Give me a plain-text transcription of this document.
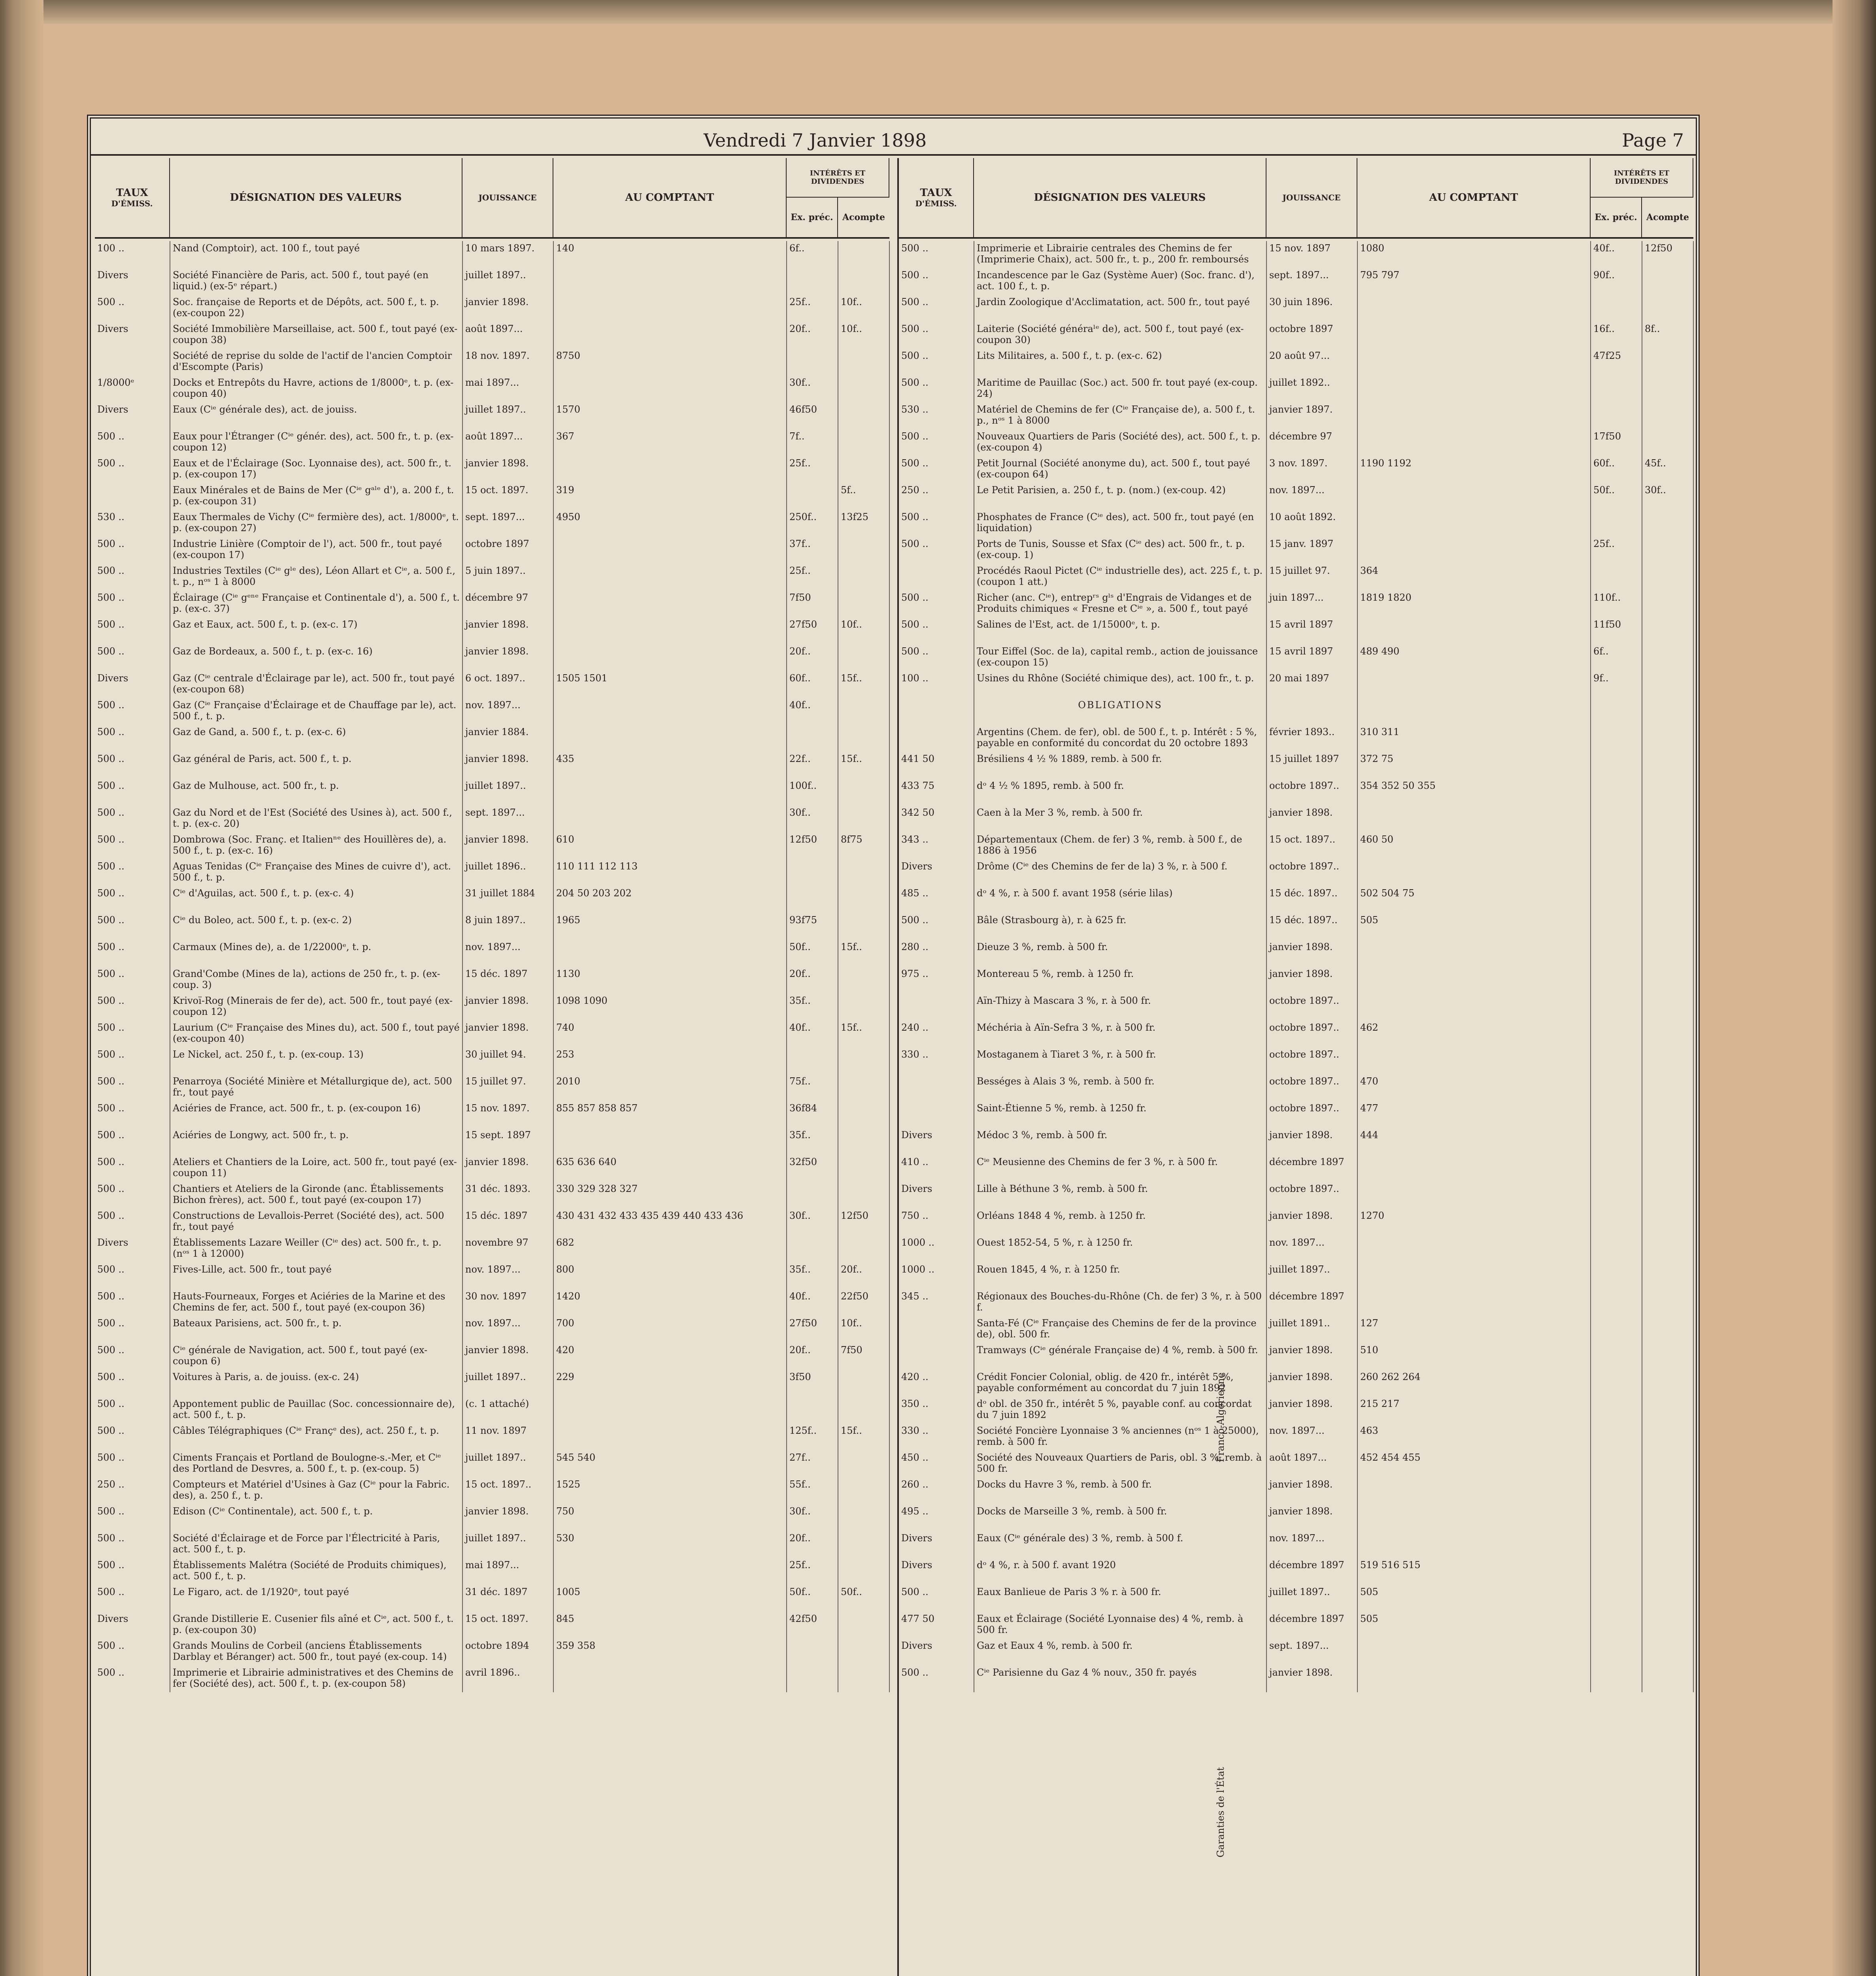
Vendredi 7 Janvier 1898	Page 7
TAUX
D'ÉMISS.	DÉSIGNATION DES VALEURS	JOUISSANCE	AU COMPTANT
INTÉRÊTS ET DIVIDENDES
Ex. préc.	Acompte
100 ..	Nand (Comptoir), act. 100 f., tout payé	10 mars 1897.	140	6f..	
Divers	Société Financière de Paris, act. 500 f., tout payé (en liquid.) (ex-5ᵉ répart.)	juillet 1897..			
500 ..	Soc. française de Reports et de Dépôts, act. 500 f., t. p. (ex-coupon 22)	janvier 1898.		25f..	10f..
Divers	Société Immobilière Marseillaise, act. 500 f., tout payé (ex-coupon 38)	août 1897...		20f..	10f..
	Société de reprise du solde de l'actif de l'ancien Comptoir d'Escompte (Paris)	18 nov. 1897.	8750		
1/8000ᵉ	Docks et Entrepôts du Havre, actions de 1/8000ᵉ, t. p. (ex-coupon 40)	mai 1897...		30f..	
Divers	Eaux (Cⁱᵉ générale des), act. de jouiss.	juillet 1897..	1570	46f50	
500 ..	Eaux pour l'Étranger (Cⁱᵉ génér. des), act. 500 fr., t. p. (ex-coupon 12)	août 1897...	367	7f..	
500 ..	Eaux et de l'Éclairage (Soc. Lyonnaise des), act. 500 fr., t. p. (ex-coupon 17)	janvier 1898.		25f..	
	Eaux Minérales et de Bains de Mer (Cⁱᵉ gᵃˡᵉ d'), a. 200 f., t. p. (ex-coupon 31)	15 oct. 1897.	319		5f..
530 ..	Eaux Thermales de Vichy (Cⁱᵉ fermière des), act. 1/8000ᵉ, t. p. (ex-coupon 27)	sept. 1897...	4950	250f..	13f25
500 ..	Industrie Linière (Comptoir de l'), act. 500 fr., tout payé (ex-coupon 17)	octobre 1897		37f..	
500 ..	Industries Textiles (Cⁱᵉ gˡᵉ des), Léon Allart et Cⁱᵉ, a. 500 f., t. p., nᵒˢ 1 à 8000	5 juin 1897..		25f..	
500 ..	Éclairage (Cⁱᵉ gᵉⁿᵉ Française et Continentale d'), a. 500 f., t. p. (ex-c. 37)	décembre 97		7f50	
500 ..	Gaz et Eaux, act. 500 f., t. p. (ex-c. 17)	janvier 1898.		27f50	10f..
500 ..	Gaz de Bordeaux, a. 500 f., t. p. (ex-c. 16)	janvier 1898.		20f..	
Divers	Gaz (Cⁱᵉ centrale d'Éclairage par le), act. 500 fr., tout payé (ex-coupon 68)	6 oct. 1897..	1505 1501	60f..	15f..
500 ..	Gaz (Cⁱᵉ Française d'Éclairage et de Chauffage par le), act. 500 f., t. p.	nov. 1897...		40f..	
500 ..	Gaz de Gand, a. 500 f., t. p. (ex-c. 6)	janvier 1884.			
500 ..	Gaz général de Paris, act. 500 f., t. p.	janvier 1898.	435	22f..	15f..
500 ..	Gaz de Mulhouse, act. 500 fr., t. p.	juillet 1897..		100f..	
500 ..	Gaz du Nord et de l'Est (Société des Usines à), act. 500 f., t. p. (ex-c. 20)	sept. 1897...		30f..	
500 ..	Dombrowa (Soc. Franç. et Italienⁿᵉ des Houillères de), a. 500 f., t. p. (ex-c. 16)	janvier 1898.	610	12f50	8f75
500 ..	Aguas Tenidas (Cⁱᵉ Française des Mines de cuivre d'), act. 500 f., t. p.	juillet 1896..	110 111 112 113		
500 ..	Cⁱᵉ d'Aguilas, act. 500 f., t. p. (ex-c. 4)	31 juillet 1884	204 50 203 202		
500 ..	Cⁱᵉ du Boleo, act. 500 f., t. p. (ex-c. 2)	8 juin 1897..	1965	93f75	
500 ..	Carmaux (Mines de), a. de 1/22000ᵉ, t. p.	nov. 1897...		50f..	15f..
500 ..	Grand'Combe (Mines de la), actions de 250 fr., t. p. (ex-coup. 3)	15 déc. 1897	1130	20f..	
500 ..	Krivoï-Rog (Minerais de fer de), act. 500 fr., tout payé (ex-coupon 12)	janvier 1898.	1098 1090	35f..	
500 ..	Laurium (Cⁱᵉ Française des Mines du), act. 500 f., tout payé (ex-coupon 40)	janvier 1898.	740	40f..	15f..
500 ..	Le Nickel, act. 250 f., t. p. (ex-coup. 13)	30 juillet 94.	253		
500 ..	Penarroya (Société Minière et Métallurgique de), act. 500 fr., tout payé	15 juillet 97.	2010	75f..	
500 ..	Aciéries de France, act. 500 fr., t. p. (ex-coupon 16)	15 nov. 1897.	855 857 858 857	36f84	
500 ..	Aciéries de Longwy, act. 500 fr., t. p.	15 sept. 1897		35f..	
500 ..	Ateliers et Chantiers de la Loire, act. 500 fr., tout payé (ex-coupon 11)	janvier 1898.	635 636 640	32f50	
500 ..	Chantiers et Ateliers de la Gironde (anc. Établissements Bichon frères), act. 500 f., tout payé (ex-coupon 17)	31 déc. 1893.	330 329 328 327		
500 ..	Constructions de Levallois-Perret (Société des), act. 500 fr., tout payé	15 déc. 1897	430 431 432 433 435 439 440 433 436	30f..	12f50
Divers	Établissements Lazare Weiller (Cⁱᵉ des) act. 500 fr., t. p. (nᵒˢ 1 à 12000)	novembre 97	682		
500 ..	Fives-Lille, act. 500 fr., tout payé	nov. 1897...	800	35f..	20f..
500 ..	Hauts-Fourneaux, Forges et Aciéries de la Marine et des Chemins de fer, act. 500 f., tout payé (ex-coupon 36)	30 nov. 1897	1420	40f..	22f50
500 ..	Bateaux Parisiens, act. 500 fr., t. p.	nov. 1897...	700	27f50	10f..
500 ..	Cⁱᵉ générale de Navigation, act. 500 f., tout payé (ex-coupon 6)	janvier 1898.	420	20f..	7f50
500 ..	Voitures à Paris, a. de jouiss. (ex-c. 24)	juillet 1897..	229	3f50	
500 ..	Appontement public de Pauillac (Soc. concessionnaire de), act. 500 f., t. p.	(c. 1 attaché)			
500 ..	Câbles Télégraphiques (Cⁱᵉ Françᵉ des), act. 250 f., t. p.	11 nov. 1897		125f..	15f..
500 ..	Ciments Français et Portland de Boulogne-s.-Mer, et Cⁱᵉ des Portland de Desvres, a. 500 f., t. p. (ex-coup. 5)	juillet 1897..	545 540	27f..	
250 ..	Compteurs et Matériel d'Usines à Gaz (Cⁱᵉ pour la Fabric. des), a. 250 f., t. p.	15 oct. 1897..	1525	55f..	
500 ..	Edison (Cⁱᵉ Continentale), act. 500 f., t. p.	janvier 1898.	750	30f..	
500 ..	Société d'Éclairage et de Force par l'Électricité à Paris, act. 500 f., t. p.	juillet 1897..	530	20f..	
500 ..	Établissements Malétra (Société de Produits chimiques), act. 500 f., t. p.	mai 1897...		25f..	
500 ..	Le Figaro, act. de 1/1920ᵉ, tout payé	31 déc. 1897	1005	50f..	50f..
Divers	Grande Distillerie E. Cusenier fils aîné et Cⁱᵉ, act. 500 f., t. p. (ex-coupon 30)	15 oct. 1897.	845	42f50	
500 ..	Grands Moulins de Corbeil (anciens Établissements Darblay et Béranger) act. 500 fr., tout payé (ex-coup. 14)	octobre 1894	359 358		
500 ..	Imprimerie et Librairie administratives et des Chemins de fer (Société des), act. 500 f., t. p. (ex-coupon 58)	avril 1896..			
TAUX
D'ÉMISS.	DÉSIGNATION DES VALEURS	JOUISSANCE	AU COMPTANT
INTÉRÊTS ET DIVIDENDES
Ex. préc.	Acompte
500 ..	Imprimerie et Librairie centrales des Chemins de fer (Imprimerie Chaix), act. 500 fr., t. p., 200 fr. remboursés	15 nov. 1897	1080	40f..	12f50
500 ..	Incandescence par le Gaz (Système Auer) (Soc. franc. d'), act. 100 f., t. p.	sept. 1897...	795 797	90f..	
500 ..	Jardin Zoologique d'Acclimatation, act. 500 fr., tout payé	30 juin 1896.			
500 ..	Laiterie (Société généraˡᵉ de), act. 500 f., tout payé (ex-coupon 30)	octobre 1897		16f..	8f..
500 ..	Lits Militaires, a. 500 f., t. p. (ex-c. 62)	20 août 97...		47f25	
500 ..	Maritime de Pauillac (Soc.) act. 500 fr. tout payé (ex-coup. 24)	juillet 1892..			
530 ..	Matériel de Chemins de fer (Cⁱᵉ Française de), a. 500 f., t. p., nᵒˢ 1 à 8000	janvier 1897.			
500 ..	Nouveaux Quartiers de Paris (Société des), act. 500 f., t. p. (ex-coupon 4)	décembre 97		17f50	
500 ..	Petit Journal (Société anonyme du), act. 500 f., tout payé (ex-coupon 64)	3 nov. 1897.	1190 1192	60f..	45f..
250 ..	Le Petit Parisien, a. 250 f., t. p. (nom.) (ex-coup. 42)	nov. 1897...		50f..	30f..
500 ..	Phosphates de France (Cⁱᵉ des), act. 500 fr., tout payé (en liquidation)	10 août 1892.			
500 ..	Ports de Tunis, Sousse et Sfax (Cⁱᵉ des) act. 500 fr., t. p. (ex-coup. 1)	15 janv. 1897		25f..	
	Procédés Raoul Pictet (Cⁱᵉ industrielle des), act. 225 f., t. p. (coupon 1 att.)	15 juillet 97.	364		
500 ..	Richer (anc. Cⁱᵉ), entrepʳˢ gˡˢ d'Engrais de Vidanges et de Produits chimiques « Fresne et Cⁱᵉ », a. 500 f., tout payé	juin 1897...	1819 1820	110f..	
500 ..	Salines de l'Est, act. de 1/15000ᵉ, t. p.	15 avril 1897		11f50	
500 ..	Tour Eiffel (Soc. de la), capital remb., action de jouissance (ex-coupon 15)	15 avril 1897	489 490	6f..	
100 ..	Usines du Rhône (Société chimique des), act. 100 fr., t. p.	20 mai 1897		9f..	
	OBLIGATIONS				
	Argentins (Chem. de fer), obl. de 500 f., t. p. Intérêt : 5 %, payable en conformité du concordat du 20 octobre 1893	février 1893..	310 311		
441 50	Brésiliens 4 ½ % 1889, remb. à 500 fr.	15 juillet 1897	372 75		
433 75	dᵒ 4 ½ % 1895, remb. à 500 fr.	octobre 1897..	354 352 50 355		
342 50	Caen à la Mer 3 %, remb. à 500 fr.	janvier 1898.			
343 ..	Départementaux (Chem. de fer) 3 %, remb. à 500 f., de 1886 à 1956	15 oct. 1897..	460 50		
Divers	Drôme (Cⁱᵉ des Chemins de fer de la) 3 %, r. à 500 f.	octobre 1897..			
485 ..	dᵒ 4 %, r. à 500 f. avant 1958 (série lilas)	15 déc. 1897..	502 504 75		
500 ..	Bâle (Strasbourg à), r. à 625 fr.	15 déc. 1897..	505		
280 ..	Dieuze 3 %, remb. à 500 fr.	janvier 1898.			
975 ..	Montereau 5 %, remb. à 1250 fr.	janvier 1898.			
	Aïn-Thizy à Mascara 3 %, r. à 500 fr.	octobre 1897..			
240 ..	Méchéria à Aïn-Sefra 3 %, r. à 500 fr.	octobre 1897..	462		
330 ..	Mostaganem à Tiaret 3 %, r. à 500 fr.	octobre 1897..			
	Bességes à Alais 3 %, remb. à 500 fr.	octobre 1897..	470		
	Saint-Étienne 5 %, remb. à 1250 fr.	octobre 1897..	477		
Divers	Médoc 3 %, remb. à 500 fr.	janvier 1898.	444		
410 ..	Cⁱᵉ Meusienne des Chemins de fer 3 %, r. à 500 fr.	décembre 1897			
Divers	Lille à Béthune 3 %, remb. à 500 fr.	octobre 1897..			
750 ..	Orléans 1848 4 %, remb. à 1250 fr.	janvier 1898.	1270		
1000 ..	Ouest 1852-54, 5 %, r. à 1250 fr.	nov. 1897...			
1000 ..	Rouen 1845, 4 %, r. à 1250 fr.	juillet 1897..			
345 ..	Régionaux des Bouches-du-Rhône (Ch. de fer) 3 %, r. à 500 f.	décembre 1897			
	Santa-Fé (Cⁱᵉ Française des Chemins de fer de la province de), obl. 500 fr.	juillet 1891..	127		
	Tramways (Cⁱᵉ générale Française de) 4 %, remb. à 500 fr.	janvier 1898.	510		
420 ..	Crédit Foncier Colonial, oblig. de 420 fr., intérêt 5 %, payable conformément au concordat du 7 juin 1892	janvier 1898.	260 262 264		
350 ..	dᵒ obl. de 350 fr., intérêt 5 %, payable conf. au concordat du 7 juin 1892	janvier 1898.	215 217		
330 ..	Société Foncière Lyonnaise 3 % anciennes (nᵒˢ 1 à 25000), remb. à 500 fr.	nov. 1897...	463		
450 ..	Société des Nouveaux Quartiers de Paris, obl. 3 %, remb. à 500 fr.	août 1897...	452 454 455		
260 ..	Docks du Havre 3 %, remb. à 500 fr.	janvier 1898.			
495 ..	Docks de Marseille 3 %, remb. à 500 fr.	janvier 1898.			
Divers	Eaux (Cⁱᵉ générale des) 3 %, remb. à 500 f.	nov. 1897...			
Divers	dᵒ 4 %, r. à 500 f. avant 1920	décembre 1897	519 516 515		
500 ..	Eaux Banlieue de Paris 3 % r. à 500 fr.	juillet 1897..	505		
477 50	Eaux et Éclairage (Société Lyonnaise des) 4 %, remb. à 500 fr.	décembre 1897	505		
Divers	Gaz et Eaux 4 %, remb. à 500 fr.	sept. 1897...			
500 ..	Cⁱᵉ Parisienne du Gaz 4 % nouv., 350 fr. payés	janvier 1898.			
Franco-Algérienne
Garanties de l'État
